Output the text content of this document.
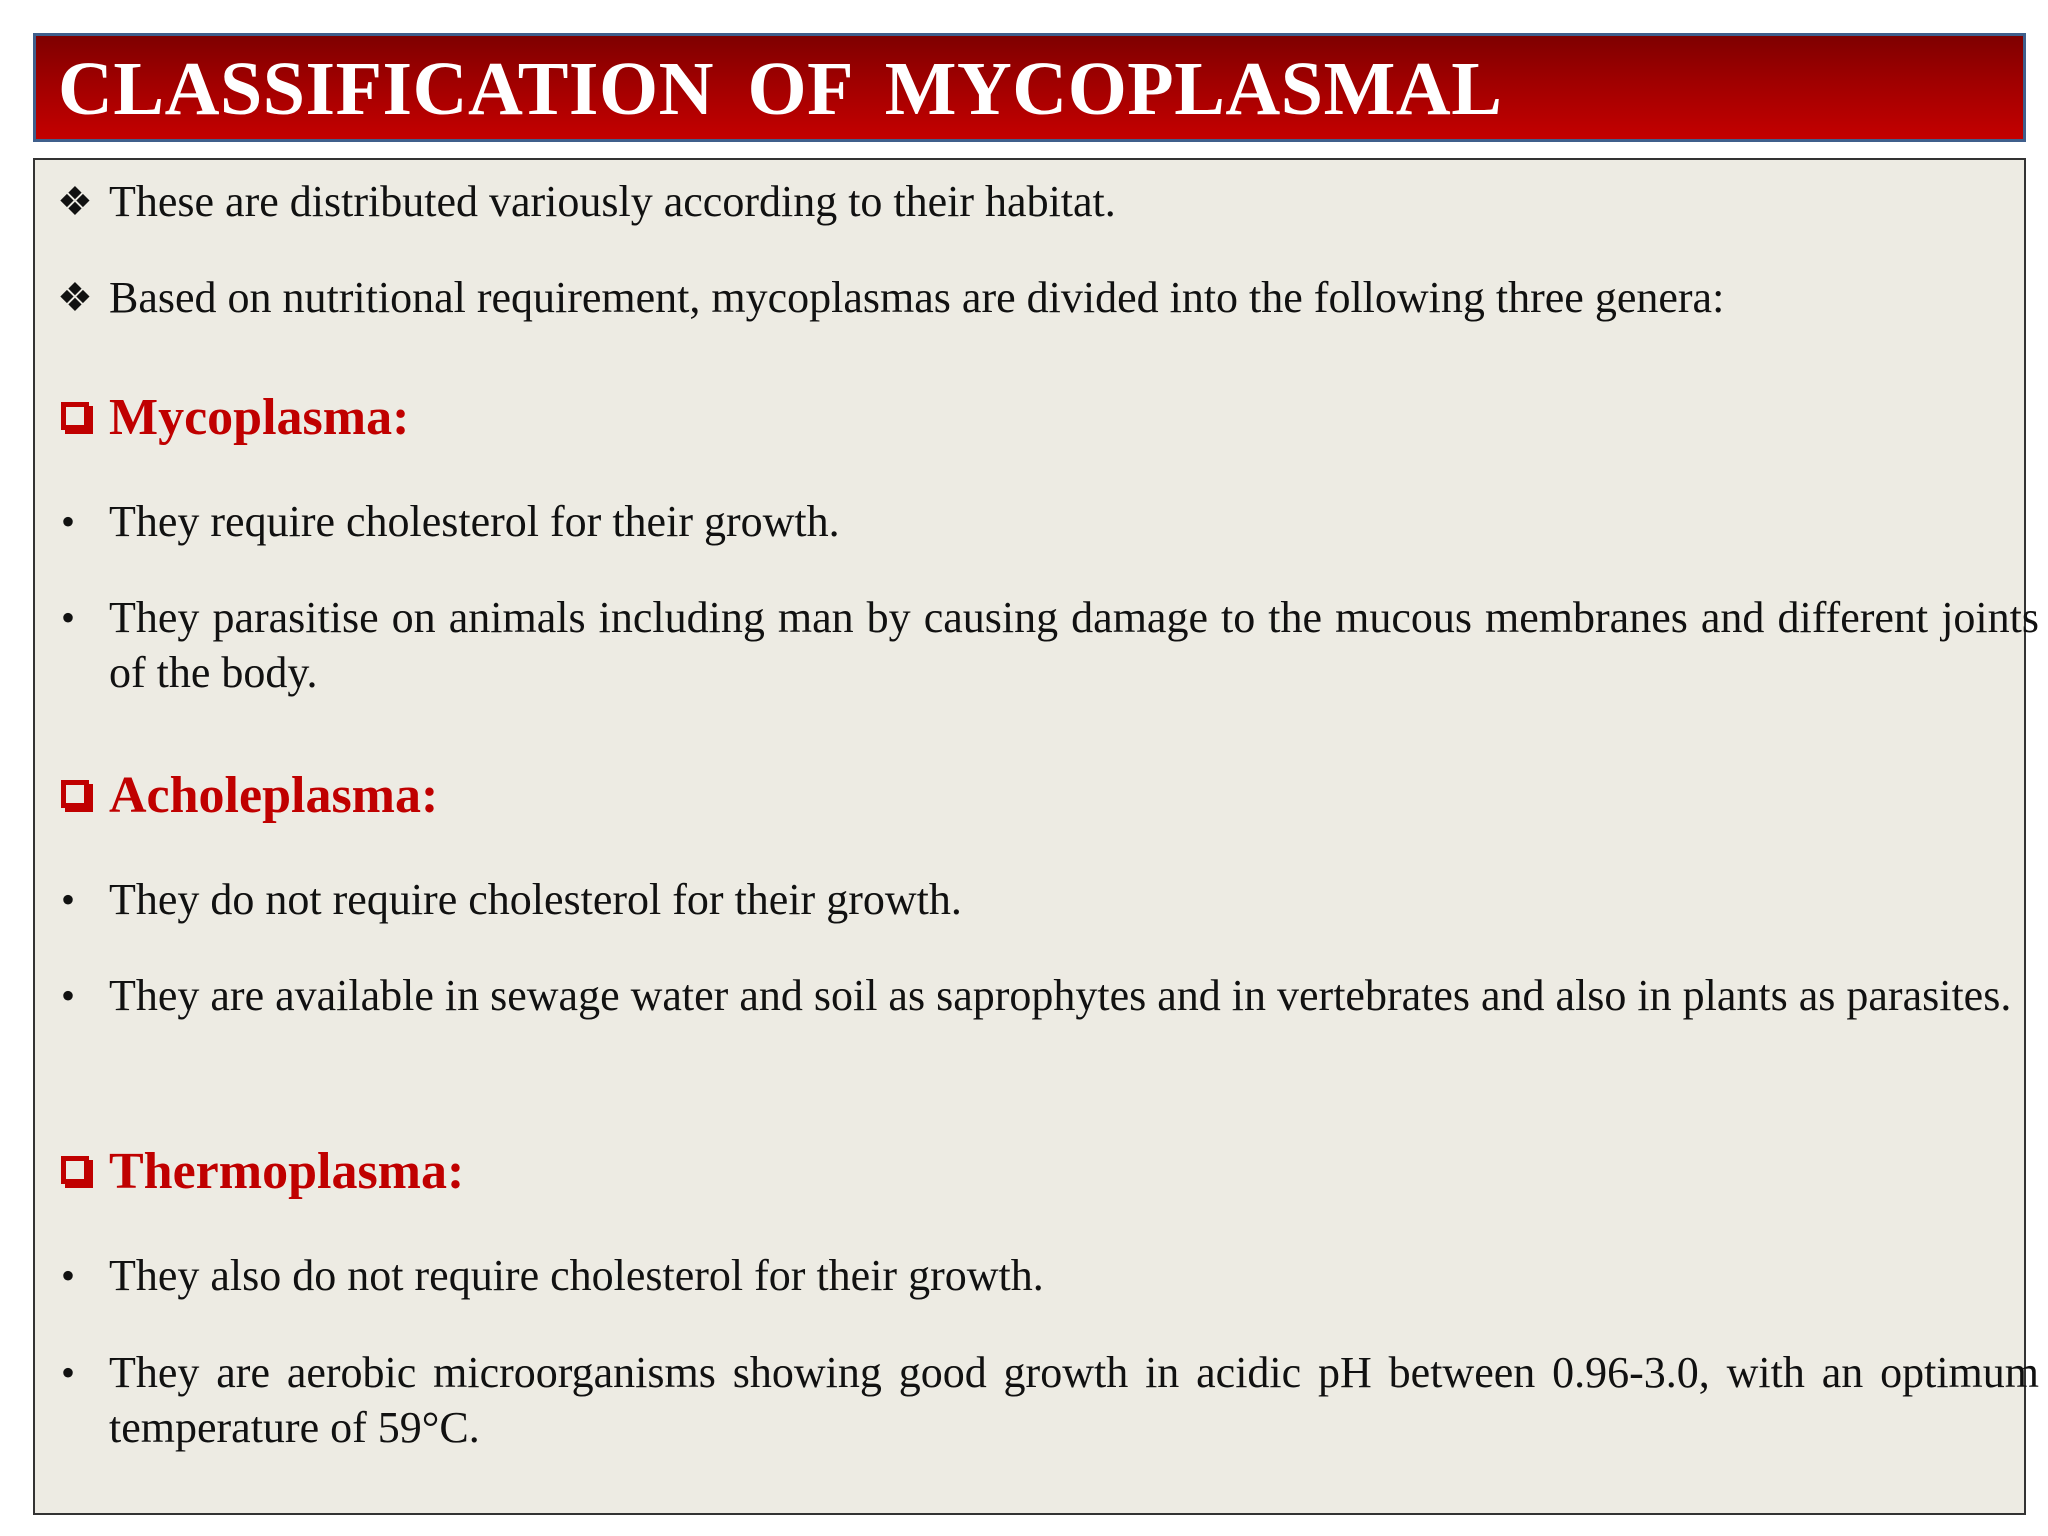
CLASSIFICATION OF MYCOPLASMAL
❖ These are distributed variously according to their habitat.
❖ Based on nutritional requirement, mycoplasmas are divided into the following three genera:
Mycoplasma:
• They require cholesterol for their growth.
• They parasitise on animals including man by causing damage to the mucous membranes and different joints of the body.
Acholeplasma:
• They do not require cholesterol for their growth.
• They are available in sewage water and soil as saprophytes and in vertebrates and also in plants as parasites.
Thermoplasma:
• They also do not require cholesterol for their growth.
• They are aerobic microorganisms showing good growth in acidic pH between 0.96-3.0, with an optimum temperature of 59°C.
